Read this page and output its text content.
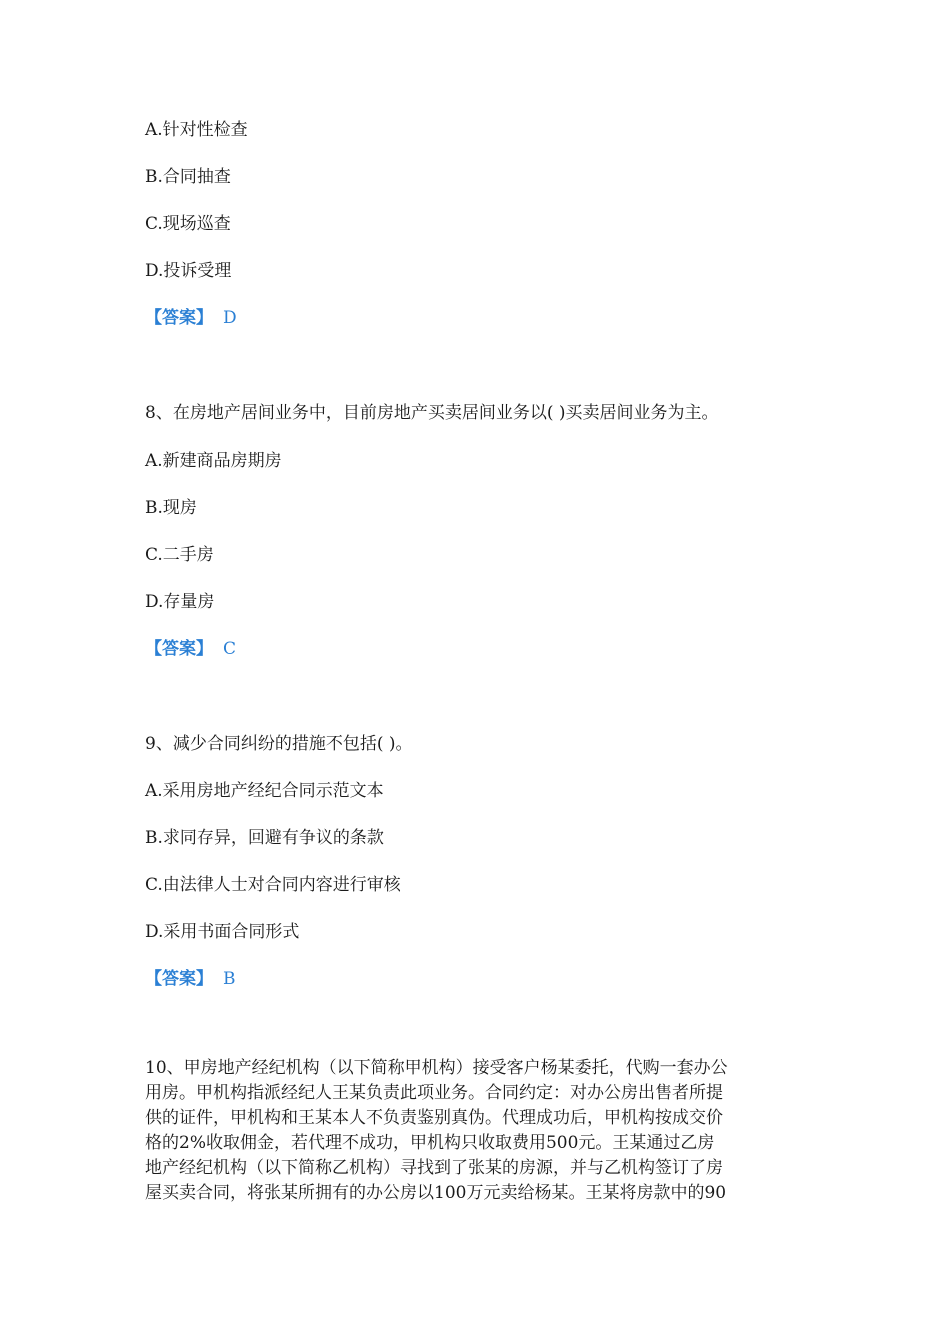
A.针对性检查
B.合同抽查
C.现场巡查
D.投诉受理
【答案】 D
8、在房地产居间业务中，目前房地产买卖居间业务以( )买卖居间业务为主。
A.新建商品房期房
B.现房
C.二手房
D.存量房
【答案】 C
9、减少合同纠纷的措施不包括( )。
A.采用房地产经纪合同示范文本
B.求同存异，回避有争议的条款
C.由法律人士对合同内容进行审核
D.采用书面合同形式
【答案】 B
10、甲房地产经纪机构（以下简称甲机构）接受客户杨某委托，代购一套办公
用房。甲机构指派经纪人王某负责此项业务。合同约定：对办公房出售者所提
供的证件，甲机构和王某本人不负责鉴别真伪。代理成功后，甲机构按成交价
格的2%收取佣金，若代理不成功，甲机构只收取费用500元。王某通过乙房
地产经纪机构（以下简称乙机构）寻找到了张某的房源，并与乙机构签订了房
屋买卖合同，将张某所拥有的办公房以100万元卖给杨某。王某将房款中的90
